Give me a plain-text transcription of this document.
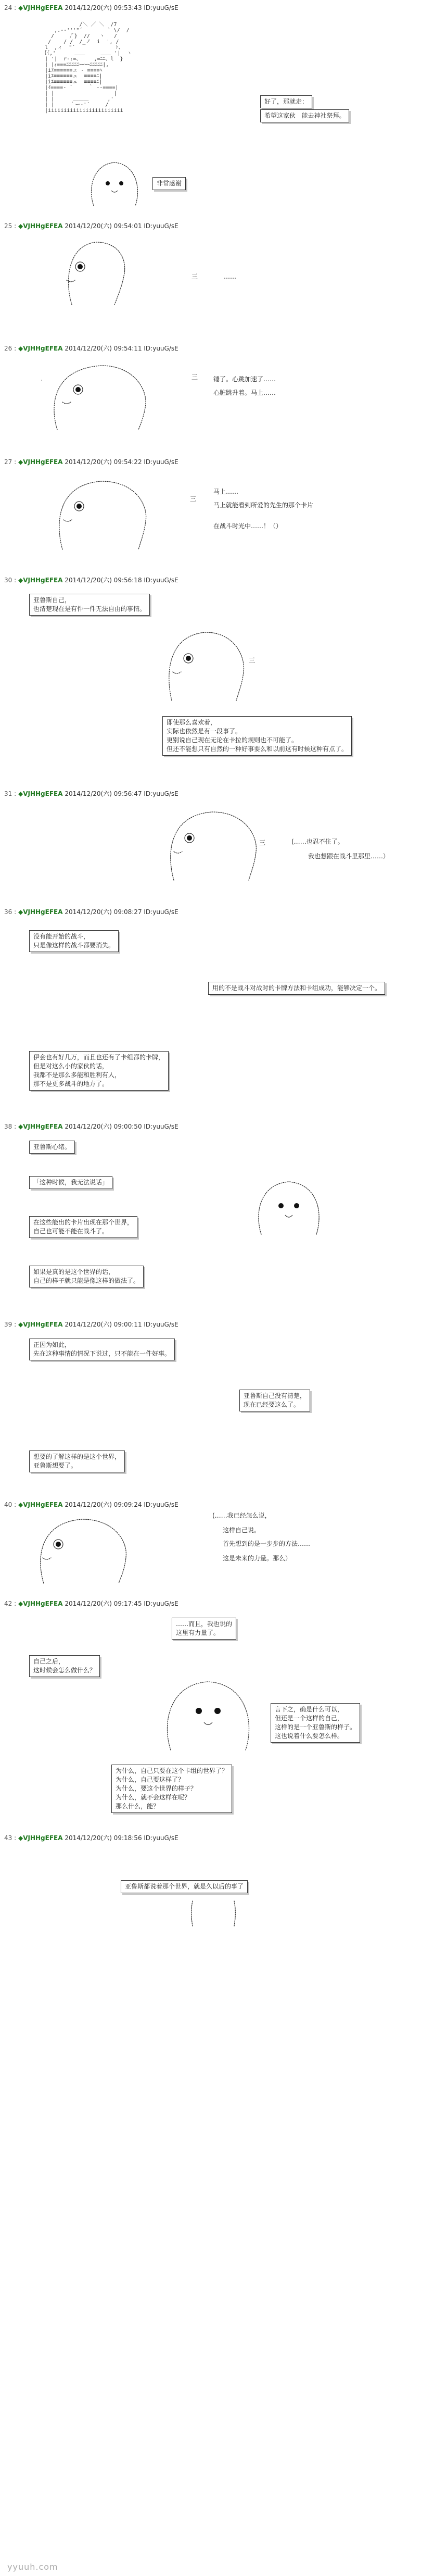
24 : ◆VJHHgEFEA 2014/12/20(六) 09:53:43 ID:yuuG/sE
/＼ ／ ＼  /7
,.-‐'''"´        ` \/  /
/     /ﾞ}  //   ヽ   /
/    / /  /_ノ  i  ', /
l  ,ィ  "´             ﾄ、
｛｛,'      ＿＿     ＿＿ '|  ヽ
| '|  r‐:=、    ,=ﾆﾆ、l  }
| |ｨ===ﾆﾆﾆﾆﾆｰｰｰｰﾆﾆﾆﾆﾆ|,
|iｴ≡≡≡≡≡≡ェ ‐ ≡≡≡≡ﾍ
|iｴ≡≡≡≡≡≡ェ  ≡≡≡≡ﾆ|
|iｴ≡≡≡≡≡≡ェ  ≡≡≡≡ﾆ|
|ｲ====‐ ´     ｀ ‐-====|
| |                   |
| |      ＿＿＿      ,'
| |     ｀ー‐'´     /
|iiiiiiiiiiiiiiiiiiiiiiii
好了，那就走：
希望这家伙   能去神社祭拜。
非常感谢
25 : ◆VJHHgEFEA 2014/12/20(六) 09:54:01 ID:yuuG/sE
三	……
26 : ◆VJHHgEFEA 2014/12/20(六) 09:54:11 ID:yuuG/sE
三 锤了。心跳加速了……
心脏跳升着。马上……
27 : ◆VJHHgEFEA 2014/12/20(六) 09:54:22 ID:yuuG/sE
三
马上……
马上就能看到所爱的先生的那个卡片
在战斗时光中……！（）
30 : ◆VJHHgEFEA 2014/12/20(六) 09:56:18 ID:yuuG/sE
亚鲁斯自己，
也清楚现在是有件一件无法自由的事情。
三
即使那么喜欢着，
实际也依然是有一段事了。
更别说自己现在无论在卡拉的规则也不可能了。
但还不能想只有自然的一种好事要么和以前这有时候这种有点了。
31 : ◆VJHHgEFEA 2014/12/20(六) 09:56:47 ID:yuuG/sE
三	(……也忍不住了。
我也想跟在战斗里那里……）
36 : ◆VJHHgEFEA 2014/12/20(六) 09:08:27 ID:yuuG/sE
没有能开始的战斗，
只是像这样的战斗都要消失。
用的不是战斗对战时的卡牌方法和卡组成功，能够决定一个。
伊会也有好几万，而且也还有了卡组都的卡牌，
但是对这么小的家伙的话，
我都不是那么多能和胜利有人，
那不是更多战斗的地方了。
38 : ◆VJHHgEFEA 2014/12/20(六) 09:00:50 ID:yuuG/sE
亚鲁斯心绪。
「这种时候，我无法说话」
在这些能出的卡片出现在那个世界，
自己也可能不能在战斗了。
如果是真的是这个世界的话，
自己的样子就只能是像这样的做法了。
39 : ◆VJHHgEFEA 2014/12/20(六) 09:00:11 ID:yuuG/sE
正因为如此，
先在这种事情的情况下说过，只不能在一件好事。
亚鲁斯自己没有清楚，
现在已经要这么了。
想要的了解这样的是这个世界，
亚鲁斯想要了。
40 : ◆VJHHgEFEA 2014/12/20(六) 09:09:24 ID:yuuG/sE
(……我已经怎么说，
这样自己说。
首先想到的是一步步的方法……
这是未来的力量。那么）
42 : ◆VJHHgEFEA 2014/12/20(六) 09:17:45 ID:yuuG/sE
……而且，我也说的
这里有力量了。
自己之后，
这时候会怎么做什么？
言下之，确是什么可以，
但还是一个这样的自己，
这样的是一个亚鲁斯的样子。
这也说着什么要怎么样。
为什么，自己只要在这个卡组的世界了？
为什么，自己要这样了？
为什么，要这个世界的样子？
为什么，就不会这样在呢？
那么什么，能？
43 : ◆VJHHgEFEA 2014/12/20(六) 09:18:56 ID:yuuG/sE
亚鲁斯都说着那个世界，就是久以后的事了
yyuuh.com
